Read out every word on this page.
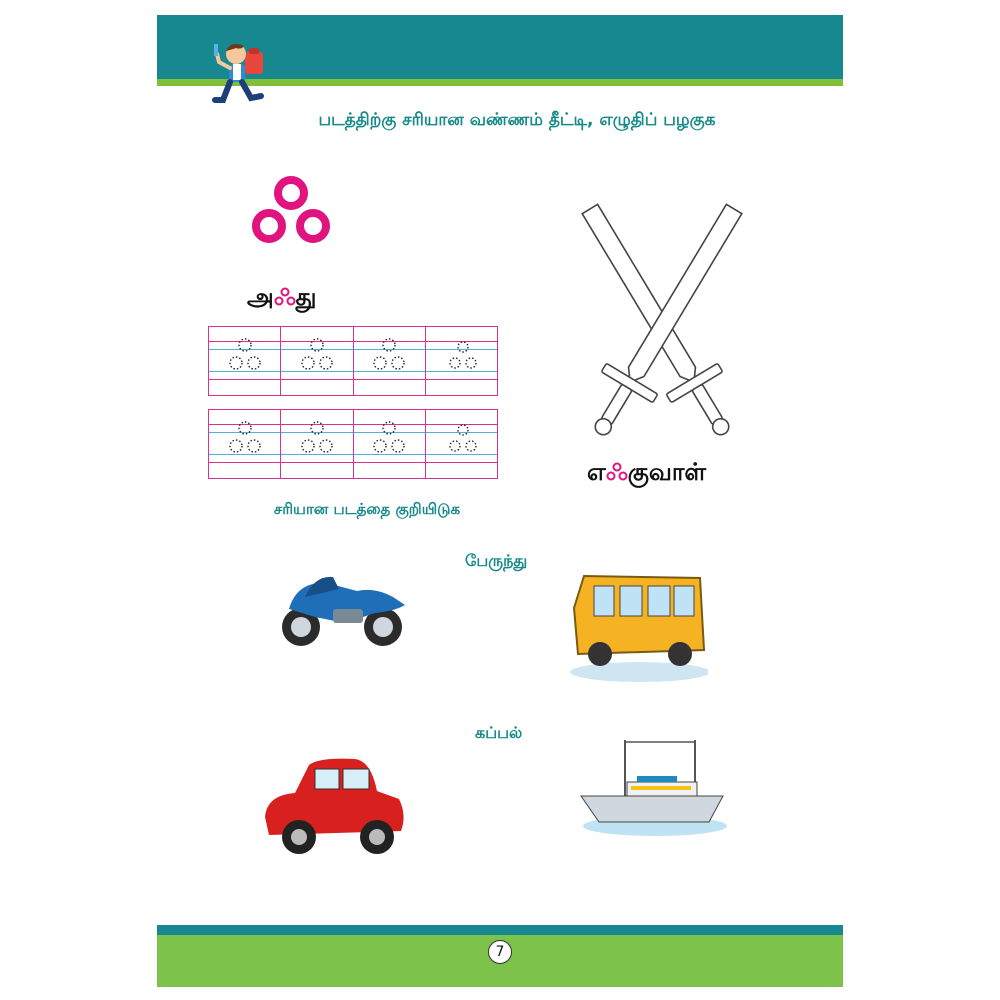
படத்திற்கு சரியான வண்ணம் தீட்டி, எழுதிப் பழகுக
அ து
எ குவாள்
சரியான படத்தை குறியிடுக
பேருந்து
கப்பல்
7
